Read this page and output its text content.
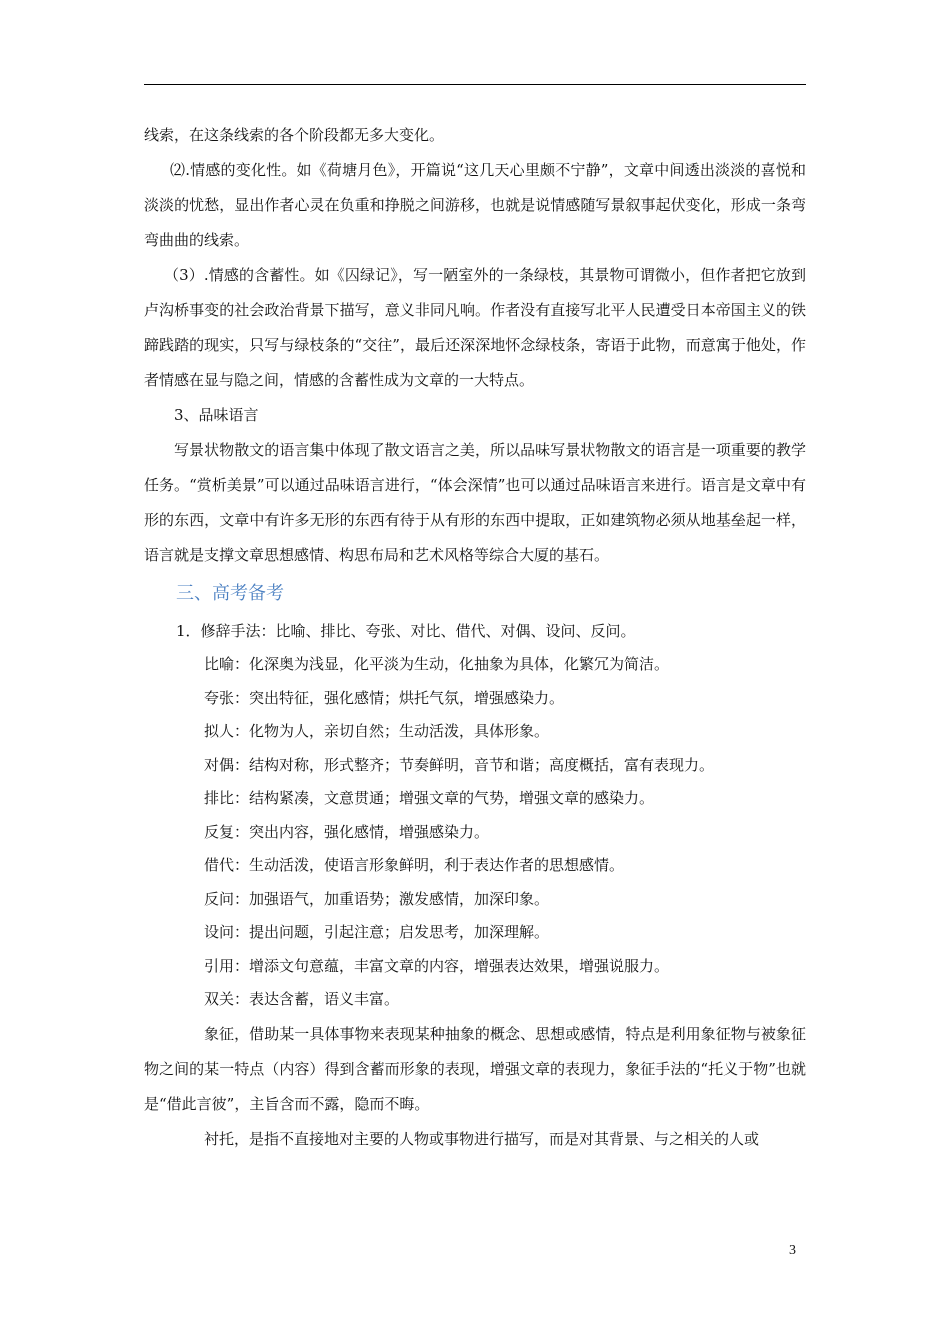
线索，在这条线索的各个阶段都无多大变化。

⑵.情感的变化性。如《荷塘月色》，开篇说“这几天心里颇不宁静”，文章中间透出淡淡的喜悦和淡淡的忧愁，显出作者心灵在负重和挣脱之间游移，也就是说情感随写景叙事起伏变化，形成一条弯弯曲曲的线索。

（3）.情感的含蓄性。如《囚绿记》，写一陋室外的一条绿枝，其景物可谓微小，但作者把它放到卢沟桥事变的社会政治背景下描写，意义非同凡响。作者没有直接写北平人民遭受日本帝国主义的铁蹄践踏的现实，只写与绿枝条的“交往”，最后还深深地怀念绿枝条，寄语于此物，而意寓于他处，作者情感在显与隐之间，情感的含蓄性成为文章的一大特点。

3、品味语言

写景状物散文的语言集中体现了散文语言之美，所以品味写景状物散文的语言是一项重要的教学任务。“赏析美景”可以通过品味语言进行，“体会深情”也可以通过品味语言来进行。语言是文章中有形的东西，文章中有许多无形的东西有待于从有形的东西中提取，正如建筑物必须从地基垒起一样，语言就是支撑文章思想感情、构思布局和艺术风格等综合大厦的基石。

三、高考备考

1．修辞手法：比喻、排比、夸张、对比、借代、对偶、设问、反问。

比喻：化深奥为浅显，化平淡为生动，化抽象为具体，化繁冗为简洁。

夸张：突出特征，强化感情；烘托气氛，增强感染力。

拟人：化物为人，亲切自然；生动活泼，具体形象。

对偶：结构对称，形式整齐；节奏鲜明，音节和谐；高度概括，富有表现力。

排比：结构紧凑，文意贯通；增强文章的气势，增强文章的感染力。

反复：突出内容，强化感情，增强感染力。

借代：生动活泼，使语言形象鲜明，利于表达作者的思想感情。

反问：加强语气，加重语势；激发感情，加深印象。

设问：提出问题，引起注意；启发思考，加深理解。

引用：增添文句意蕴，丰富文章的内容，增强表达效果，增强说服力。

双关：表达含蓄，语义丰富。

象征，借助某一具体事物来表现某种抽象的概念、思想或感情，特点是利用象征物与被象征物之间的某一特点（内容）得到含蓄而形象的表现，增强文章的表现力，象征手法的“托义于物”也就是“借此言彼”，主旨含而不露，隐而不晦。

衬托，是指不直接地对主要的人物或事物进行描写，而是对其背景、与之相关的人或

3
